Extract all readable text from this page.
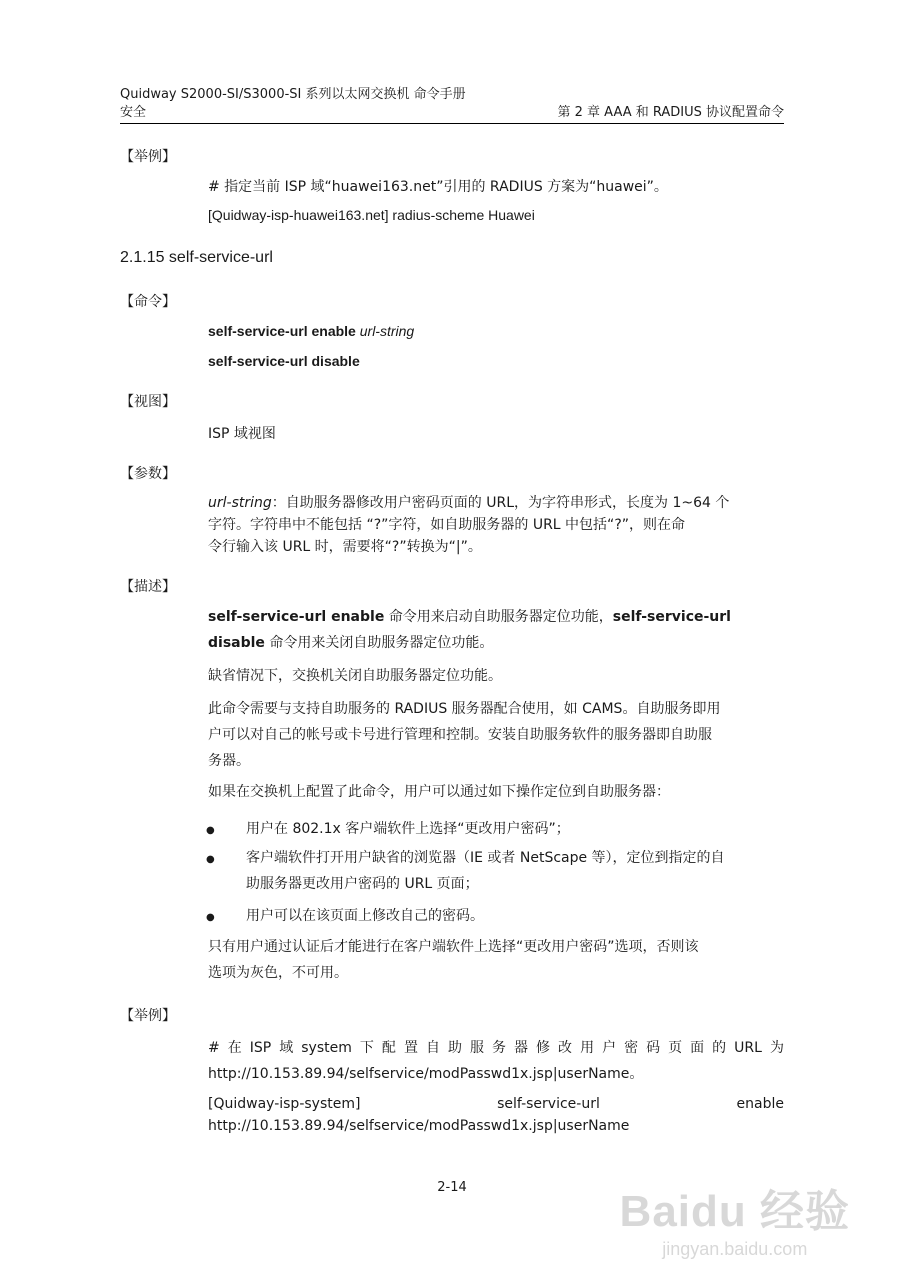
Quidway S2000-SI/S3000-SI 系列以太网交换机 命令手册
安全	第 2 章 AAA 和 RADIUS 协议配置命令
【举例】
# 指定当前 ISP 域“huawei163.net”引用的 RADIUS 方案为“huawei”。
[Quidway-isp-huawei163.net] radius-scheme Huawei
2.1.15 self-service-url
【命令】
self-service-url enable url-string
self-service-url disable
【视图】
ISP 域视图
【参数】
url-string：自助服务器修改用户密码页面的 URL，为字符串形式，长度为 1~64 个
字符。字符串中不能包括 “?”字符，如自助服务器的 URL 中包括“?”，则在命
令行输入该 URL 时，需要将“?”转换为“|”。
【描述】
self-service-url enable 命令用来启动自助服务器定位功能，self-service-url
disable 命令用来关闭自助服务器定位功能。
缺省情况下，交换机关闭自助服务器定位功能。
此命令需要与支持自助服务的 RADIUS 服务器配合使用，如 CAMS。自助服务即用
户可以对自己的帐号或卡号进行管理和控制。安装自助服务软件的服务器即自助服
务器。
如果在交换机上配置了此命令，用户可以通过如下操作定位到自助服务器：
● 用户在 802.1x 客户端软件上选择“更改用户密码”；
● 客户端软件打开用户缺省的浏览器（IE 或者 NetScape 等），定位到指定的自
助服务器更改用户密码的 URL 页面；
● 用户可以在该页面上修改自己的密码。
只有用户通过认证后才能进行在客户端软件上选择“更改用户密码”选项，否则该
选项为灰色，不可用。
【举例】
# 在 ISP 域 system 下 配 置 自 助 服 务 器 修 改 用 户 密 码 页 面 的 URL 为
http://10.153.89.94/selfservice/modPasswd1x.jsp|userName。
[Quidway-isp-system]	self-service-url	enable
http://10.153.89.94/selfservice/modPasswd1x.jsp|userName
2-14	Baidu 经验
jingyan.baidu.com
